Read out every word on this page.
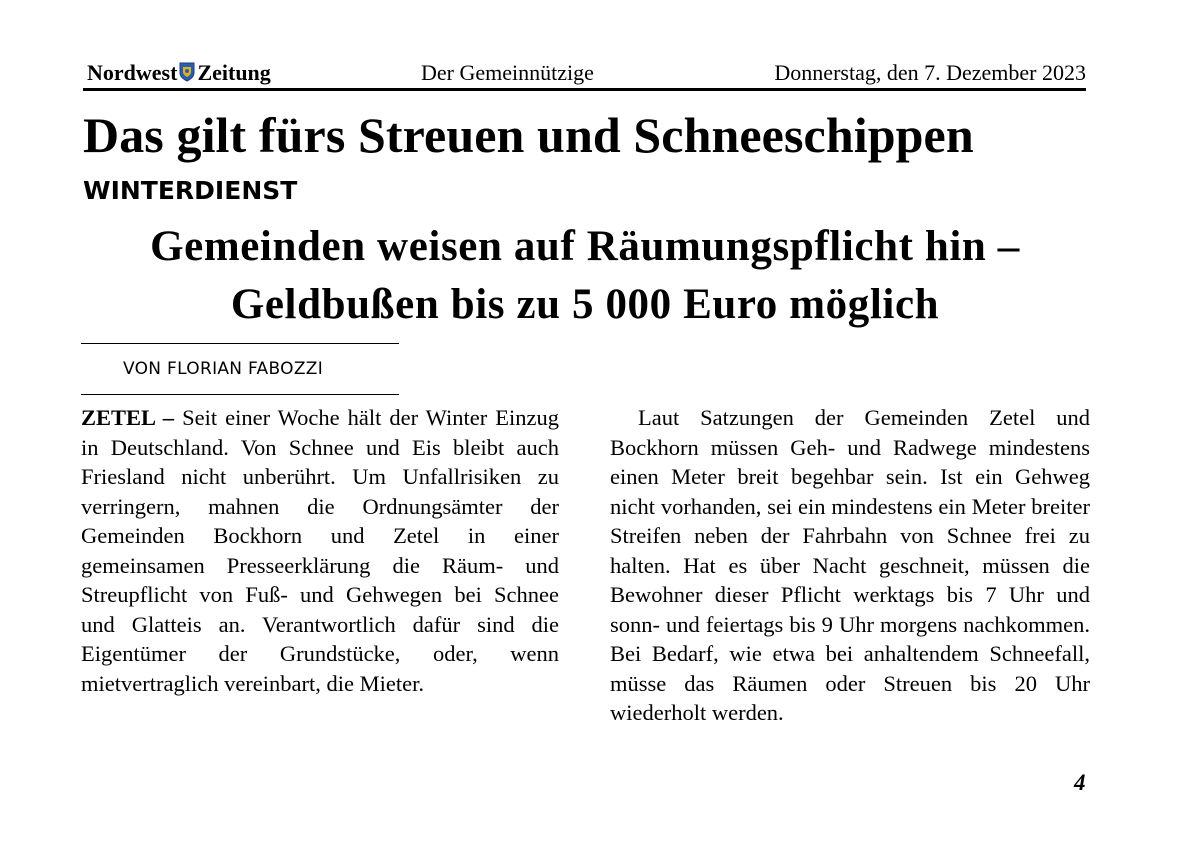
Nordwest Zeitung	Der Gemeinnützige	Donnerstag, den 7. Dezember 2023
Das gilt fürs Streuen und Schneeschippen
WINTERDIENST
Gemeinden weisen auf Räumungspflicht hin –
Geldbußen bis zu 5 000 Euro möglich
VON FLORIAN FABOZZI
ZETEL – Seit einer Woche hält der Winter Einzug in Deutschland. Von Schnee und Eis bleibt auch Friesland nicht unberührt. Um Unfallrisiken zu verringern, mahnen die Ordnungsämter der Gemeinden Bockhorn und Zetel in einer gemeinsamen Presseerklärung die Räum- und Streupflicht von Fuß- und Gehwegen bei Schnee und Glatteis an. Verantwortlich dafür sind die Eigentümer der Grundstücke, oder, wenn mietvertraglich vereinbart, die Mieter.
Laut Satzungen der Gemeinden Zetel und Bockhorn müssen Geh- und Radwege mindestens einen Meter breit begehbar sein. Ist ein Gehweg nicht vorhanden, sei ein mindestens ein Meter breiter Streifen neben der Fahrbahn von Schnee frei zu halten. Hat es über Nacht geschneit, müssen die Bewohner dieser Pflicht werktags bis 7 Uhr und sonn- und feiertags bis 9 Uhr morgens nachkommen. Bei Bedarf, wie etwa bei anhaltendem Schneefall, müsse das Räumen oder Streuen bis 20 Uhr wiederholt werden.
4
